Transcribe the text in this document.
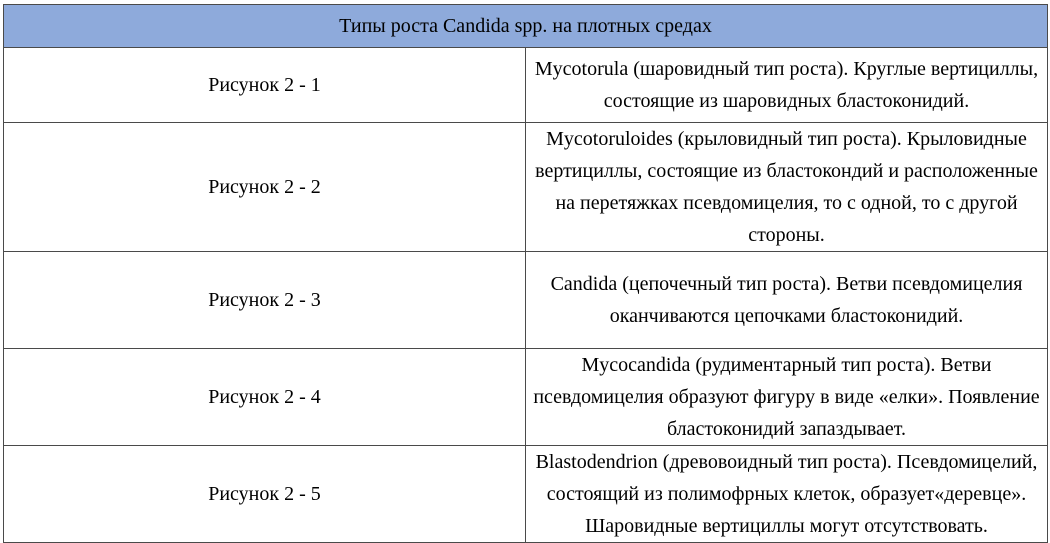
Типы роста Candida spp. на плотных средах	
Рисунок 2 - 1	Mycotorula (шаровидный тип роста). Круглые вертициллы, состоящие из шаровидных бластоконидий.
Рисунок 2 - 2	Mycotoruloides (крыловидный тип роста). Крыловидные вертициллы, состоящие из бластокондий и расположенные на перетяжках псевдомицелия, то с одной, то с другой стороны.
Рисунок 2 - 3	Candida (цепочечный тип роста). Ветви псевдомицелия оканчиваются цепочками бластоконидий.
Рисунок 2 - 4	Mycocandida (рудиментарный тип роста). Ветви псевдомицелия образуют фигуру в виде «елки». Появление бластоконидий запаздывает.
Рисунок 2 - 5	Blastodendrion (древовоидный тип роста). Псевдомицелий, состоящий из полимофрных клеток, образует«деревце». Шаровидные вертициллы могут отсутствовать.
